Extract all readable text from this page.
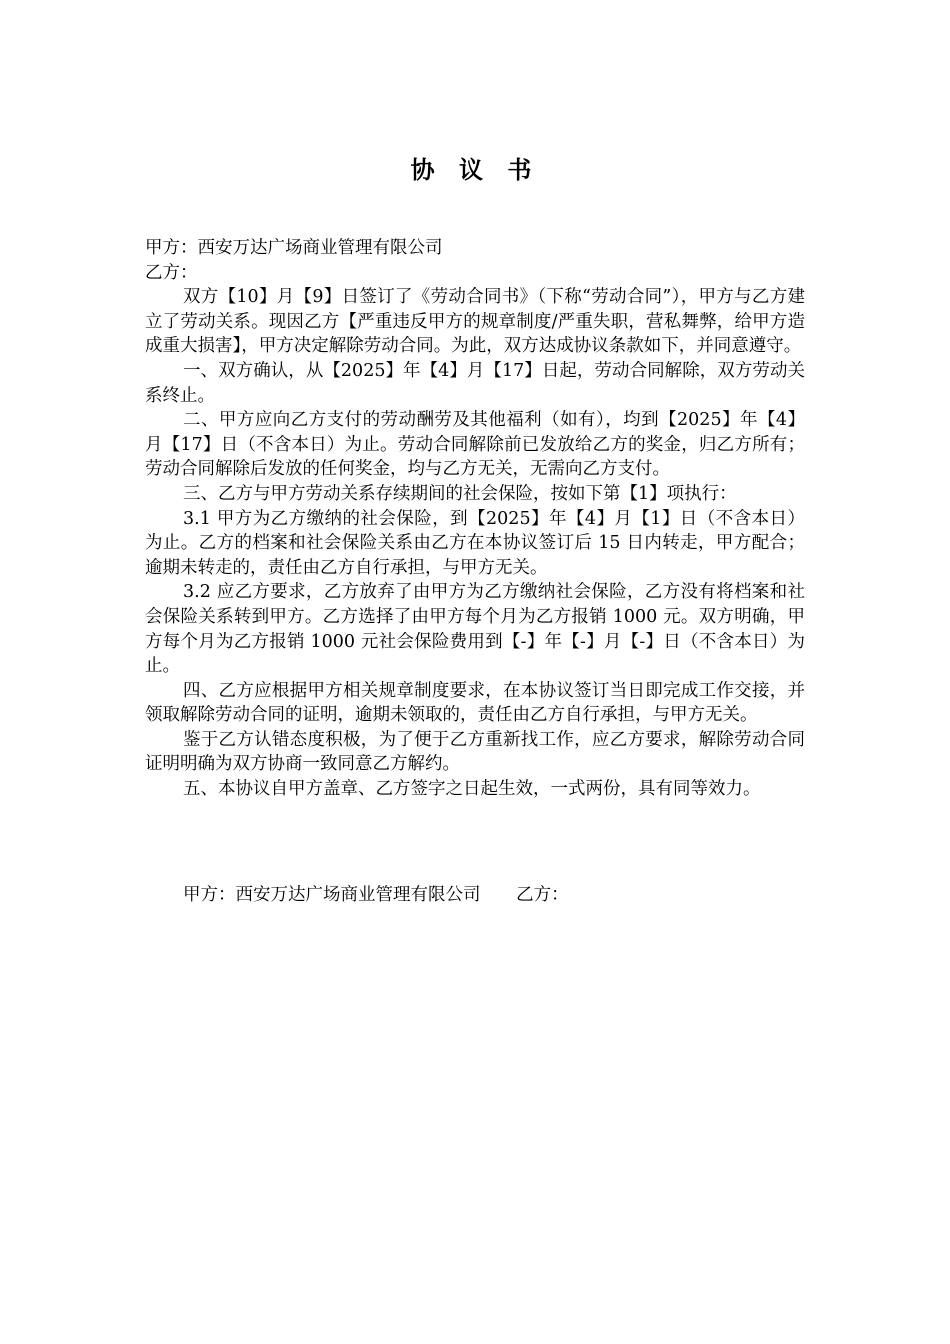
协 议 书
甲方：西安万达广场商业管理有限公司
乙方：
双方【10】月【9】日签订了《劳动合同书》（下称“劳动合同”），甲方与乙方建立了劳动关系。现因乙方【严重违反甲方的规章制度/严重失职，营私舞弊，给甲方造成重大损害】，甲方决定解除劳动合同。为此，双方达成协议条款如下，并同意遵守。
一、双方确认，从【2025】年【4】月【17】日起，劳动合同解除，双方劳动关系终止。
二、甲方应向乙方支付的劳动酬劳及其他福利（如有），均到【2025】年【4】月【17】日（不含本日）为止。劳动合同解除前已发放给乙方的奖金，归乙方所有；劳动合同解除后发放的任何奖金，均与乙方无关，无需向乙方支付。
三、乙方与甲方劳动关系存续期间的社会保险，按如下第【1】项执行：
3.1 甲方为乙方缴纳的社会保险，到【2025】年【4】月【1】日（不含本日）为止。乙方的档案和社会保险关系由乙方在本协议签订后 15 日内转走，甲方配合；逾期未转走的，责任由乙方自行承担，与甲方无关。
3.2 应乙方要求，乙方放弃了由甲方为乙方缴纳社会保险，乙方没有将档案和社会保险关系转到甲方。乙方选择了由甲方每个月为乙方报销 1000 元。双方明确，甲方每个月为乙方报销 1000 元社会保险费用到【-】年【-】月【-】日（不含本日）为止。
四、乙方应根据甲方相关规章制度要求，在本协议签订当日即完成工作交接，并领取解除劳动合同的证明，逾期未领取的，责任由乙方自行承担，与甲方无关。
鉴于乙方认错态度积极，为了便于乙方重新找工作，应乙方要求，解除劳动合同证明明确为双方协商一致同意乙方解约。
五、本协议自甲方盖章、乙方签字之日起生效，一式两份，具有同等效力。
甲方：西安万达广场商业管理有限公司 乙方：
